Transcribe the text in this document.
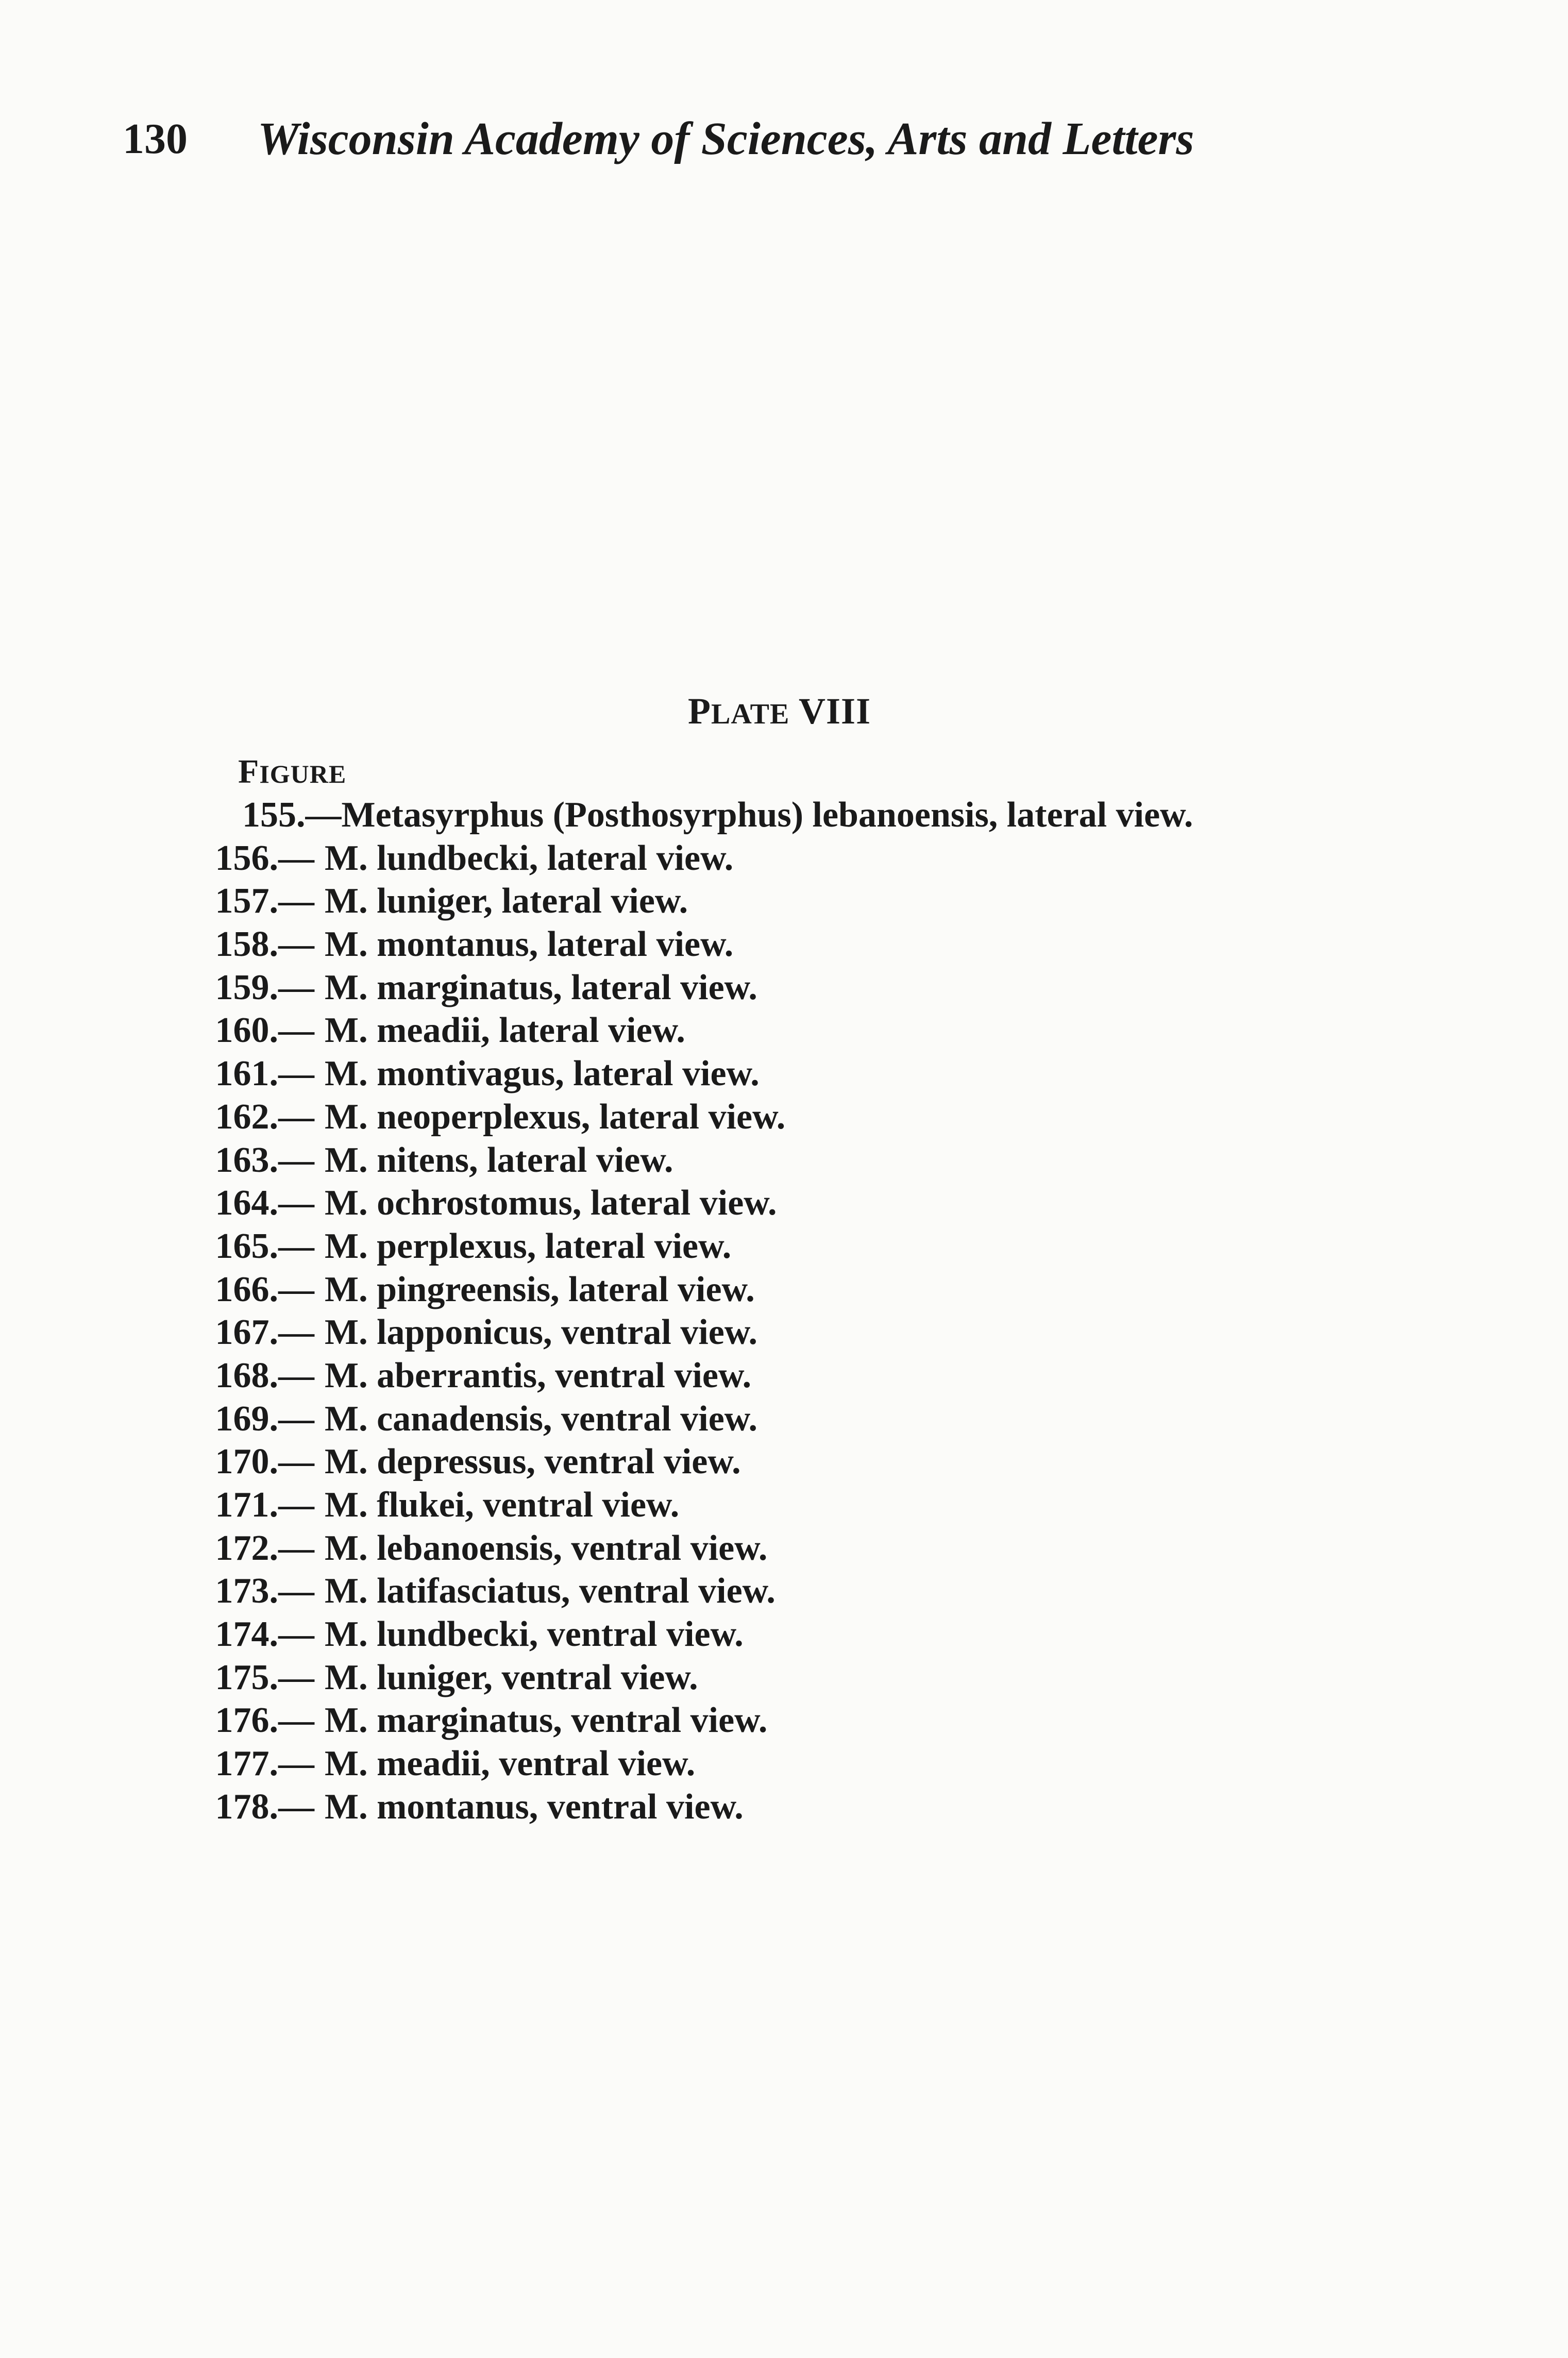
130 Wisconsin Academy of Sciences, Arts and Letters
PLATE VIII
FIGURE
155.—Metasyrphus (Posthosyrphus) lebanoensis, lateral view.
156.— M. lundbecki, lateral view.
157.— M. luniger, lateral view.
158.— M. montanus, lateral view.
159.— M. marginatus, lateral view.
160.— M. meadii, lateral view.
161.— M. montivagus, lateral view.
162.— M. neoperplexus, lateral view.
163.— M. nitens, lateral view.
164.— M. ochrostomus, lateral view.
165.— M. perplexus, lateral view.
166.— M. pingreensis, lateral view.
167.— M. lapponicus, ventral view.
168.— M. aberrantis, ventral view.
169.— M. canadensis, ventral view.
170.— M. depressus, ventral view.
171.— M. flukei, ventral view.
172.— M. lebanoensis, ventral view.
173.— M. latifasciatus, ventral view.
174.— M. lundbecki, ventral view.
175.— M. luniger, ventral view.
176.— M. marginatus, ventral view.
177.— M. meadii, ventral view.
178.— M. montanus, ventral view.
